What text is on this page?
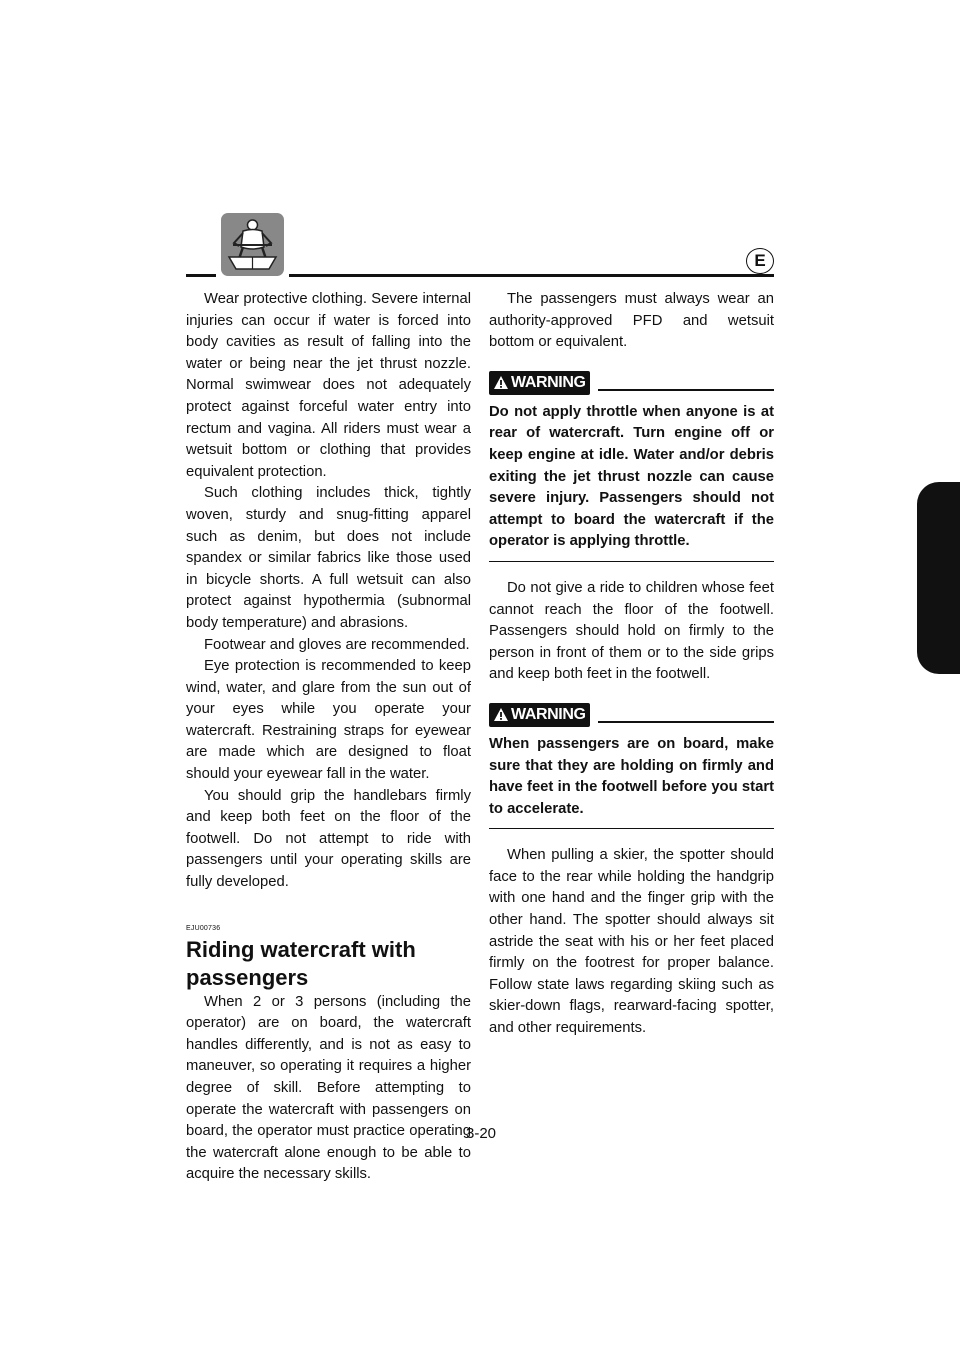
E

Wear protective clothing. Severe internal injuries can occur if water is forced into body cavities as result of falling into the water or being near the jet thrust nozzle. Normal swimwear does not adequately protect against forceful water entry into rectum and vagina. All riders must wear a wetsuit bottom or clothing that provides equivalent protection.

Such clothing includes thick, tightly woven, sturdy and snug-fitting apparel such as denim, but does not include spandex or similar fabrics like those used in bicycle shorts. A full wetsuit can also protect against hypothermia (subnormal body temperature) and abrasions.

Footwear and gloves are recommended.

Eye protection is recommended to keep wind, water, and glare from the sun out of your eyes while you operate your watercraft. Restraining straps for eyewear are made which are designed to float should your eyewear fall in the water.

You should grip the handlebars firmly and keep both feet on the floor of the footwell. Do not attempt to ride with passengers until your operating skills are fully developed.

EJU00736
Riding watercraft with passengers

When 2 or 3 persons (including the operator) are on board, the watercraft handles differently, and is not as easy to maneuver, so operating it requires a higher degree of skill. Before attempting to operate the watercraft with passengers on board, the operator must practice operating the watercraft alone enough to be able to acquire the necessary skills.

The passengers must always wear an authority-approved PFD and wetsuit bottom or equivalent.

WARNING
Do not apply throttle when anyone is at rear of watercraft. Turn engine off or keep engine at idle. Water and/or debris exiting the jet thrust nozzle can cause severe injury. Passengers should not attempt to board the watercraft if the operator is applying throttle.

Do not give a ride to children whose feet cannot reach the floor of the footwell. Passengers should hold on firmly to the person in front of them or to the side grips and keep both feet in the footwell.

WARNING
When passengers are on board, make sure that they are holding on firmly and have feet in the footwell before you start to accelerate.

When pulling a skier, the spotter should face to the rear while holding the handgrip with one hand and the finger grip with the other hand. The spotter should always sit astride the seat with his or her feet placed firmly on the footrest for proper balance. Follow state laws regarding skiing such as skier-down flags, rearward-facing spotter, and other requirements.

3-20
